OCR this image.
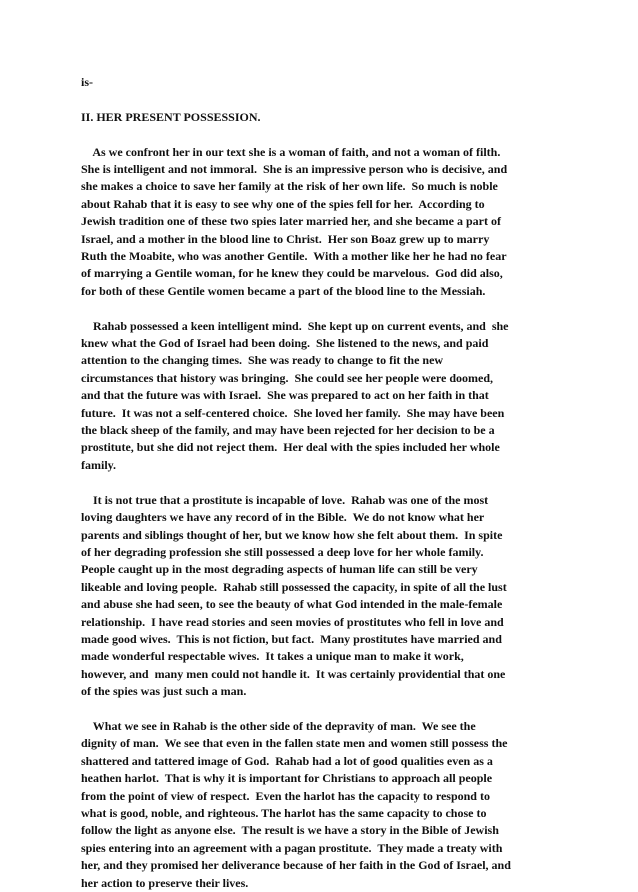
is-
II. HER PRESENT POSSESSION.
As we confront her in our text she is a woman of faith, and not a woman of filth.
She is intelligent and not immoral.  She is an impressive person who is decisive, and
she makes a choice to save her family at the risk of her own life.  So much is noble
about Rahab that it is easy to see why one of the spies fell for her.  According to
Jewish tradition one of these two spies later married her, and she became a part of
Israel, and a mother in the blood line to Christ.  Her son Boaz grew up to marry
Ruth the Moabite, who was another Gentile.  With a mother like her he had no fear
of marrying a Gentile woman, for he knew they could be marvelous.  God did also,
for both of these Gentile women became a part of the blood line to the Messiah.
Rahab possessed a keen intelligent mind.  She kept up on current events, and  she
knew what the God of Israel had been doing.  She listened to the news, and paid
attention to the changing times.  She was ready to change to fit the new
circumstances that history was bringing.  She could see her people were doomed,
and that the future was with Israel.  She was prepared to act on her faith in that
future.  It was not a self-centered choice.  She loved her family.  She may have been
the black sheep of the family, and may have been rejected for her decision to be a
prostitute, but she did not reject them.  Her deal with the spies included her whole
family.
It is not true that a prostitute is incapable of love.  Rahab was one of the most
loving daughters we have any record of in the Bible.  We do not know what her
parents and siblings thought of her, but we know how she felt about them.  In spite
of her degrading profession she still possessed a deep love for her whole family.
People caught up in the most degrading aspects of human life can still be very
likeable and loving people.  Rahab still possessed the capacity, in spite of all the lust
and abuse she had seen, to see the beauty of what God intended in the male-female
relationship.  I have read stories and seen movies of prostitutes who fell in love and
made good wives.  This is not fiction, but fact.  Many prostitutes have married and
made wonderful respectable wives.  It takes a unique man to make it work,
however, and  many men could not handle it.  It was certainly providential that one
of the spies was just such a man.
What we see in Rahab is the other side of the depravity of man.  We see the
dignity of man.  We see that even in the fallen state men and women still possess the
shattered and tattered image of God.  Rahab had a lot of good qualities even as a
heathen harlot.  That is why it is important for Christians to approach all people
from the point of view of respect.  Even the harlot has the capacity to respond to
what is good, noble, and righteous. The harlot has the same capacity to chose to
follow the light as anyone else.  The result is we have a story in the Bible of Jewish
spies entering into an agreement with a pagan prostitute.  They made a treaty with
her, and they promised her deliverance because of her faith in the God of Israel, and
her action to preserve their lives.
